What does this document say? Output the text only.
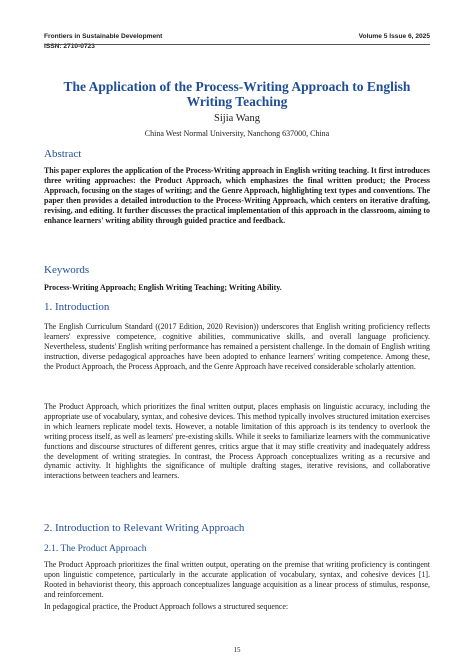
Frontiers in Sustainable Development	Volume 5 Issue 6, 2025
ISSN: 2710-0723
The Application of the Process-Writing Approach to English Writing Teaching
Sijia Wang
China West Normal University, Nanchong 637000, China
Abstract
This paper explores the application of the Process-Writing approach in English writing teaching. It first introduces three writing approaches: the Product Approach, which emphasizes the final written product; the Process Approach, focusing on the stages of writing; and the Genre Approach, highlighting text types and conventions. The paper then provides a detailed introduction to the Process-Writing Approach, which centers on iterative drafting, revising, and editing. It further discusses the practical implementation of this approach in the classroom, aiming to enhance learners' writing ability through guided practice and feedback.
Keywords
Process-Writing Approach; English Writing Teaching; Writing Ability.
1. Introduction
The English Curriculum Standard ((2017 Edition, 2020 Revision)) underscores that English writing proficiency reflects learners' expressive competence, cognitive abilities, communicative skills, and overall language proficiency. Nevertheless, students' English writing performance has remained a persistent challenge. In the domain of English writing instruction, diverse pedagogical approaches have been adopted to enhance learners' writing competence. Among these, the Product Approach, the Process Approach, and the Genre Approach have received considerable scholarly attention.
The Product Approach, which prioritizes the final written output, places emphasis on linguistic accuracy, including the appropriate use of vocabulary, syntax, and cohesive devices. This method typically involves structured imitation exercises in which learners replicate model texts. However, a notable limitation of this approach is its tendency to overlook the writing process itself, as well as learners' pre-existing skills. While it seeks to familiarize learners with the communicative functions and discourse structures of different genres, critics argue that it may stifle creativity and inadequately address the development of writing strategies. In contrast, the Process Approach conceptualizes writing as a recursive and dynamic activity. It highlights the significance of multiple drafting stages, iterative revisions, and collaborative interactions between teachers and learners.
2. Introduction to Relevant Writing Approach
2.1. The Product Approach
The Product Approach prioritizes the final written output, operating on the premise that writing proficiency is contingent upon linguistic competence, particularly in the accurate application of vocabulary, syntax, and cohesive devices [1]. Rooted in behaviorist theory, this approach conceptualizes language acquisition as a linear process of stimulus, response, and reinforcement.
In pedagogical practice, the Product Approach follows a structured sequence:
15
